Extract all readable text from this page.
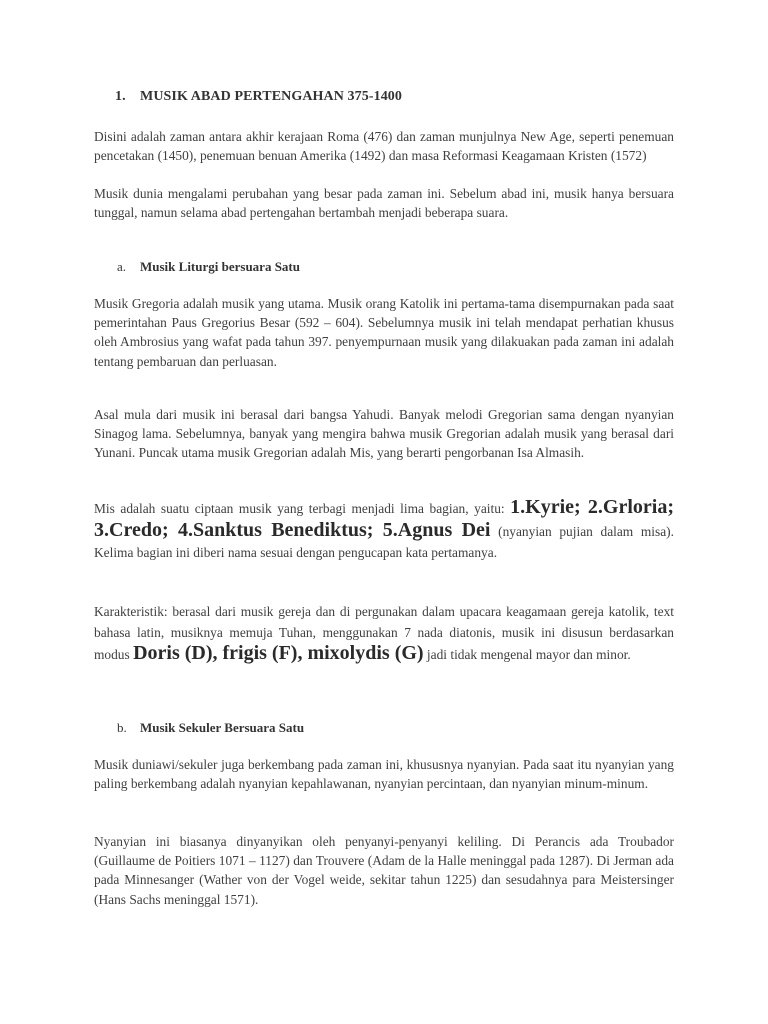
1. MUSIK ABAD PERTENGAHAN 375-1400
Disini adalah zaman antara akhir kerajaan Roma (476) dan zaman munjulnya New Age, seperti penemuan pencetakan (1450), penemuan benuan Amerika (1492) dan masa Reformasi Keagamaan Kristen (1572)
Musik dunia mengalami perubahan yang besar pada zaman ini. Sebelum abad ini, musik hanya bersuara tunggal, namun selama abad pertengahan bertambah menjadi beberapa suara.
a. Musik Liturgi bersuara Satu
Musik Gregoria adalah musik yang utama. Musik orang Katolik ini pertama-tama disempurnakan pada saat pemerintahan Paus Gregorius Besar (592 – 604). Sebelumnya musik ini telah mendapat perhatian khusus oleh Ambrosius yang wafat pada tahun 397. penyempurnaan musik yang dilakuakan pada zaman ini adalah tentang pembaruan dan perluasan.
Asal mula dari musik ini berasal dari bangsa Yahudi. Banyak melodi Gregorian sama dengan nyanyian Sinagog lama. Sebelumnya, banyak yang mengira bahwa musik Gregorian adalah musik yang berasal dari Yunani. Puncak utama musik Gregorian adalah Mis, yang berarti pengorbanan Isa Almasih.
Mis adalah suatu ciptaan musik yang terbagi menjadi lima bagian, yaitu: 1.Kyrie; 2.Grloria; 3.Credo; 4.Sanktus Benediktus; 5.Agnus Dei (nyanyian pujian dalam misa). Kelima bagian ini diberi nama sesuai dengan pengucapan kata pertamanya.
Karakteristik: berasal dari musik gereja dan di pergunakan dalam upacara keagamaan gereja katolik, text bahasa latin, musiknya memuja Tuhan, menggunakan 7 nada diatonis, musik ini disusun berdasarkan modus Doris (D), frigis (F), mixolydis (G) jadi tidak mengenal mayor dan minor.
b. Musik Sekuler Bersuara Satu
Musik duniawi/sekuler juga berkembang pada zaman ini, khususnya nyanyian. Pada saat itu nyanyian yang paling berkembang adalah nyanyian kepahlawanan, nyanyian percintaan, dan nyanyian minum-minum.
Nyanyian ini biasanya dinyanyikan oleh penyanyi-penyanyi keliling. Di Perancis ada Troubador (Guillaume de Poitiers 1071 – 1127) dan Trouvere (Adam de la Halle meninggal pada 1287). Di Jerman ada pada Minnesanger (Wather von der Vogel weide, sekitar tahun 1225) dan sesudahnya para Meistersinger (Hans Sachs meninggal 1571).
